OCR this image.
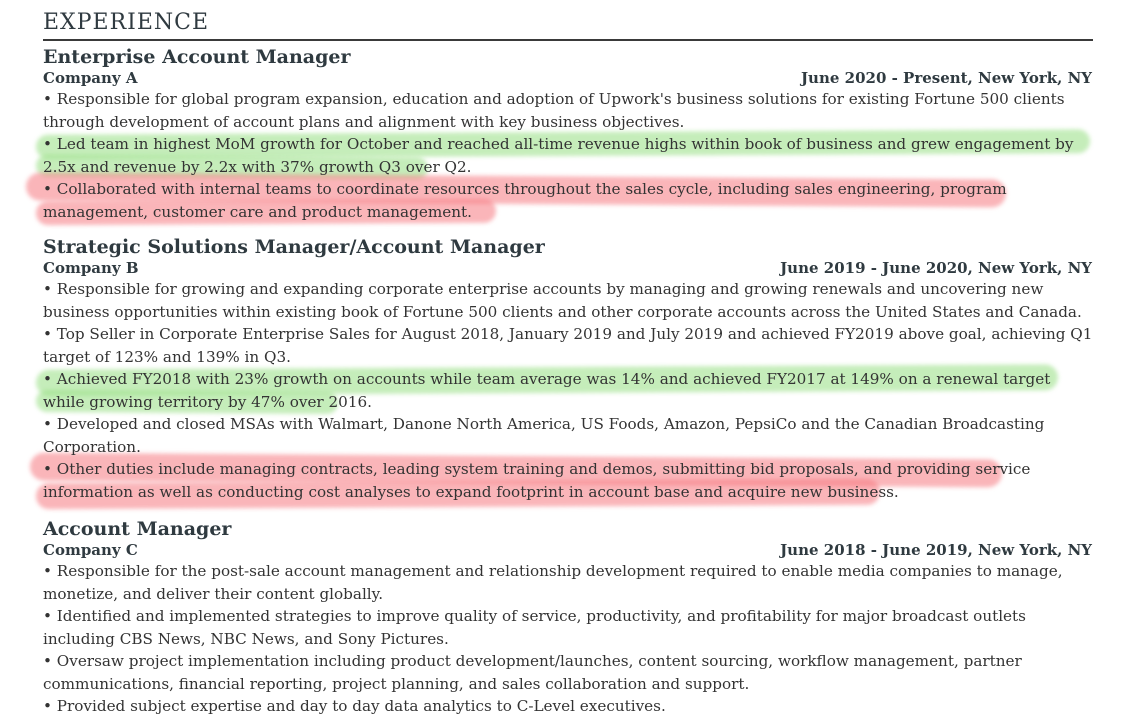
EXPERIENCE
Enterprise Account Manager
Company A	June 2020 - Present, New York, NY

• Responsible for global program expansion, education and adoption of Upwork's business solutions for existing Fortune 500 clients through development of account plans and alignment with key business objectives.

• Led team in highest MoM growth for October and reached all-time revenue highs within book of business and grew engagement by 2.5x and revenue by 2.2x with 37% growth Q3 over Q2.

• Collaborated with internal teams to coordinate resources throughout the sales cycle, including sales engineering, program management, customer care and product management.

Strategic Solutions Manager/Account Manager
Company B	June 2019 - June 2020, New York, NY

• Responsible for growing and expanding corporate enterprise accounts by managing and growing renewals and uncovering new business opportunities within existing book of Fortune 500 clients and other corporate accounts across the United States and Canada.

• Top Seller in Corporate Enterprise Sales for August 2018, January 2019 and July 2019 and achieved FY2019 above goal, achieving Q1 target of 123% and 139% in Q3.

• Achieved FY2018 with 23% growth on accounts while team average was 14% and achieved FY2017 at 149% on a renewal target while growing territory by 47% over 2016.

• Developed and closed MSAs with Walmart, Danone North America, US Foods, Amazon, PepsiCo and the Canadian Broadcasting Corporation.

• Other duties include managing contracts, leading system training and demos, submitting bid proposals, and providing service information as well as conducting cost analyses to expand footprint in account base and acquire new business.

Account Manager
Company C	June 2018 - June 2019, New York, NY

• Responsible for the post-sale account management and relationship development required to enable media companies to manage, monetize, and deliver their content globally.

• Identified and implemented strategies to improve quality of service, productivity, and profitability for major broadcast outlets including CBS News, NBC News, and Sony Pictures.

• Oversaw project implementation including product development/launches, content sourcing, workflow management, partner communications, financial reporting, project planning, and sales collaboration and support.

• Provided subject expertise and day to day data analytics to C-Level executives.
